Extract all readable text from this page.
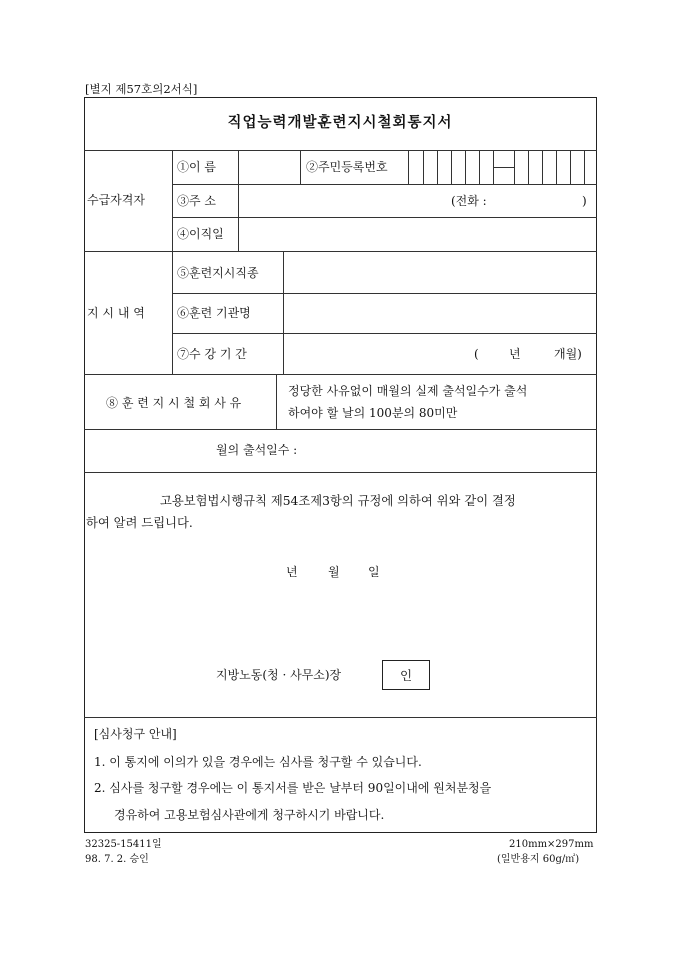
[별지 제57호의2서식]
직업능력개발훈련지시철회통지서
수급자격자
①이 름	②주민등록번호
③주 소	(전화 :	)
④이직일
지 시 내 역
⑤훈련지시직종
⑥훈련 기관명
⑦수 강 기 간	(	년	개월)
⑧ 훈 련 지 시 철 회 사 유
정당한 사유없이 매월의 실제 출석일수가 출석
하여야 할 날의 100분의 80미만
월의 출석일수 :
고용보험법시행규칙 제54조제3항의 규정에 의하여 위와 같이 결정
하여 알려 드립니다.
년	월 일
지방노동(청 · 사무소)장	인
[심사청구 안내]
1. 이 통지에 이의가 있을 경우에는 심사를 청구할 수 있습니다.
2. 심사를 청구할 경우에는 이 통지서를 받은 날부터 90일이내에 원처분청을
경유하여 고용보험심사관에게 청구하시기 바랍니다.
32325-15411일
98. 7. 2. 승인
210mm×297mm
(일반용지 60g/㎡)
